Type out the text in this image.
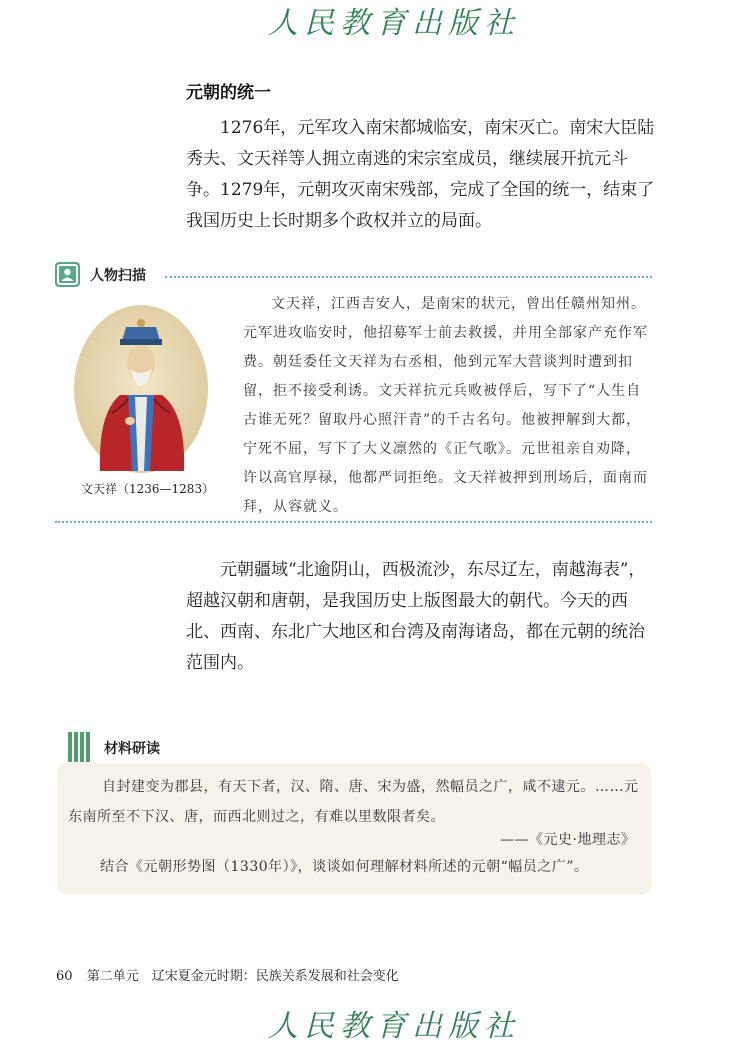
人民教育出版社
元朝的统一
1276年，元军攻入南宋都城临安，南宋灭亡。南宋大臣陆秀夫、文天祥等人拥立南逃的宋宗室成员，继续展开抗元斗争。1279年，元朝攻灭南宋残部，完成了全国的统一，结束了我国历史上长时期多个政权并立的局面。
人物扫描
文天祥（1236—1283）
文天祥，江西吉安人，是南宋的状元，曾出任赣州知州。元军进攻临安时，他招募军士前去救援，并用全部家产充作军费。朝廷委任文天祥为右丞相，他到元军大营谈判时遭到扣留，拒不接受利诱。文天祥抗元兵败被俘后，写下了“人生自古谁无死？留取丹心照汗青”的千古名句。他被押解到大都，宁死不屈，写下了大义凛然的《正气歌》。元世祖亲自劝降，许以高官厚禄，他都严词拒绝。文天祥被押到刑场后，面南而拜，从容就义。
元朝疆域“北逾阴山，西极流沙，东尽辽左，南越海表”，超越汉朝和唐朝，是我国历史上版图最大的朝代。今天的西北、西南、东北广大地区和台湾及南海诸岛，都在元朝的统治范围内。
材料研读
自封建变为郡县，有天下者，汉、隋、唐、宋为盛，然幅员之广，咸不逮元。……元东南所至不下汉、唐，而西北则过之，有难以里数限者矣。
——《元史·地理志》
结合《元朝形势图（1330年）》，谈谈如何理解材料所述的元朝“幅员之广”。
60 第二单元　辽宋夏金元时期：民族关系发展和社会变化
人民教育出版社
